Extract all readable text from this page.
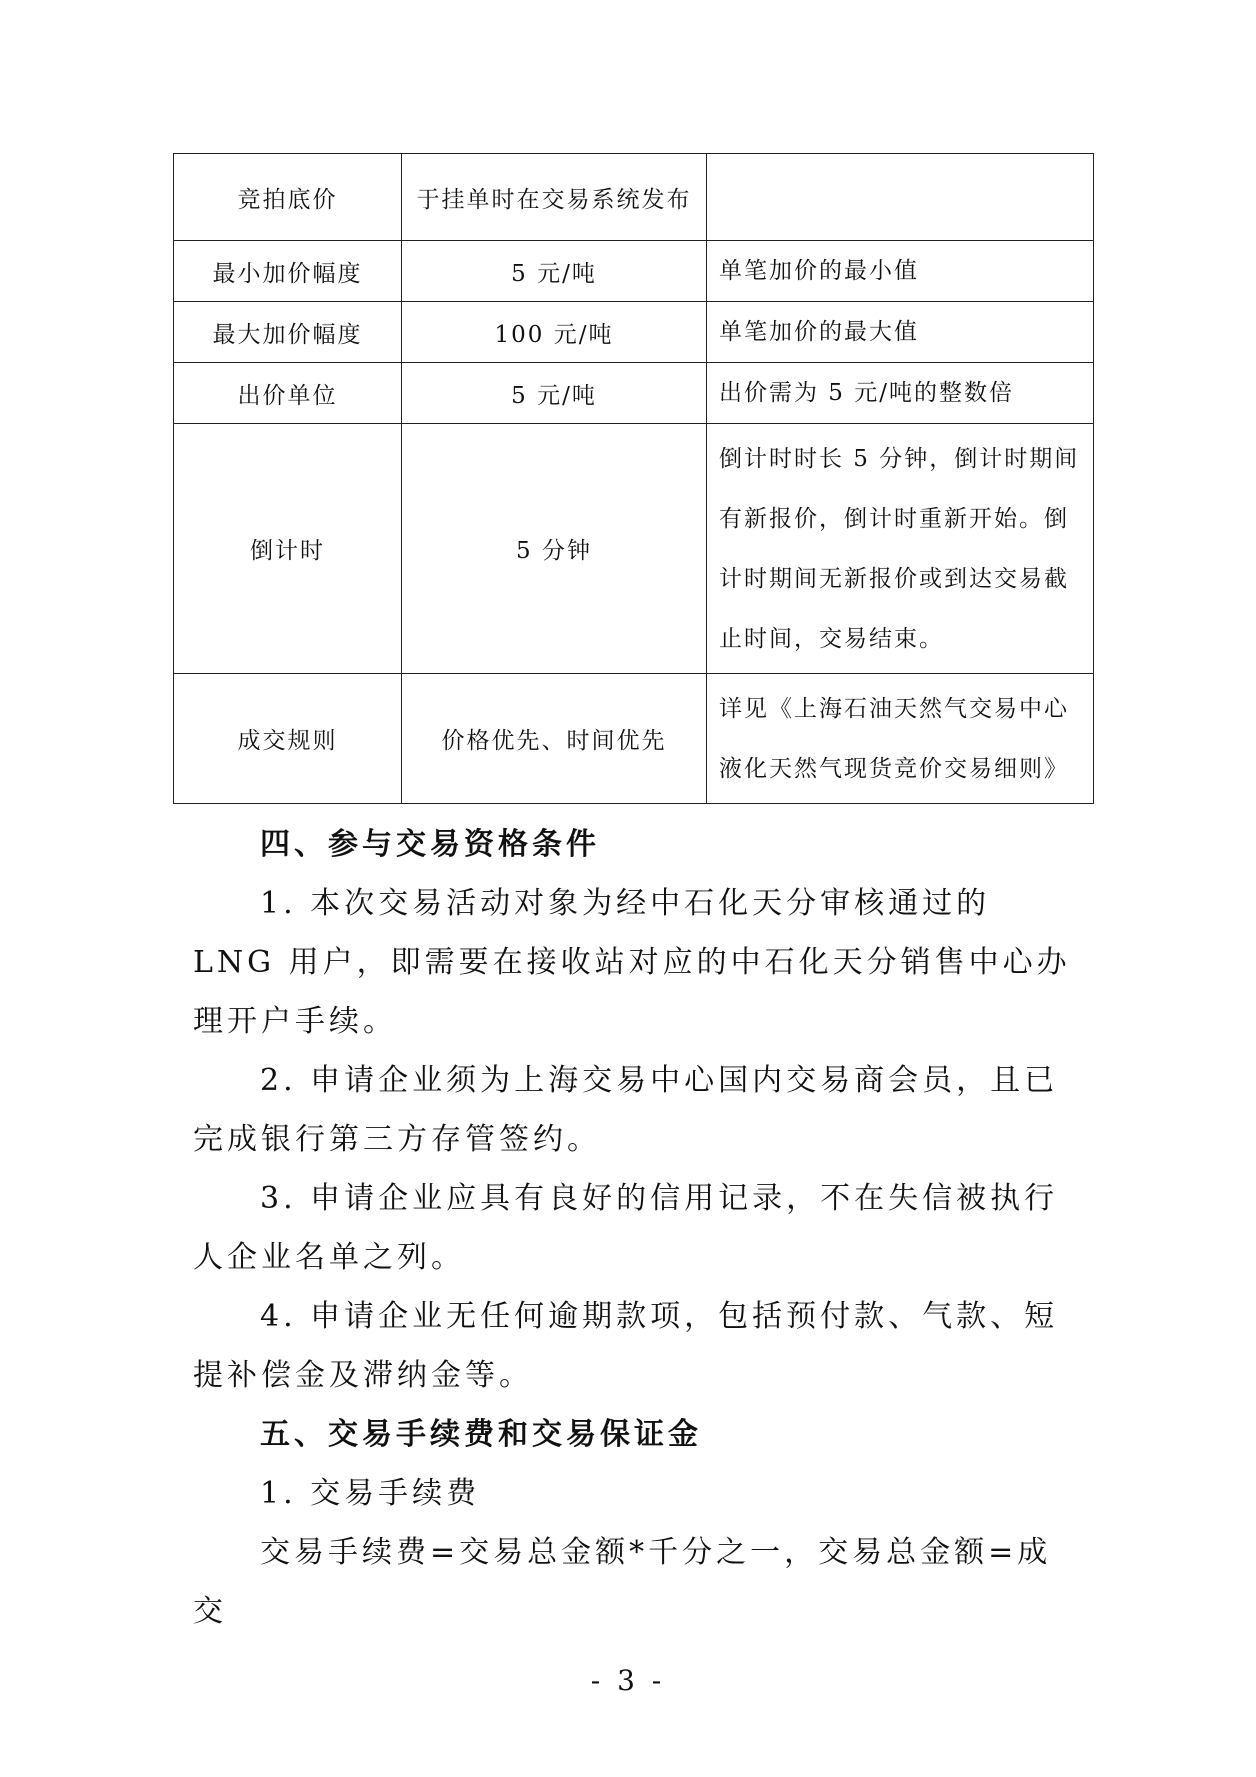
竞拍底价	于挂单时在交易系统发布	
最小加价幅度	5 元/吨	单笔加价的最小值
最大加价幅度	100 元/吨	单笔加价的最大值
出价单位	5 元/吨	出价需为 5 元/吨的整数倍
倒计时	5 分钟	倒计时时长 5 分钟，倒计时期间有新报价，倒计时重新开始。倒计时期间无新报价或到达交易截止时间，交易结束。
成交规则	价格优先、时间优先	详见《上海石油天然气交易中心液化天然气现货竞价交易细则》

四、参与交易资格条件

1. 本次交易活动对象为经中石化天分审核通过的 LNG 用户，即需要在接收站对应的中石化天分销售中心办理开户手续。

2. 申请企业须为上海交易中心国内交易商会员，且已完成银行第三方存管签约。

3. 申请企业应具有良好的信用记录，不在失信被执行人企业名单之列。

4. 申请企业无任何逾期款项，包括预付款、气款、短提补偿金及滞纳金等。

五、交易手续费和交易保证金

1. 交易手续费

交易手续费=交易总金额*千分之一，交易总金额=成交

- 3 -
